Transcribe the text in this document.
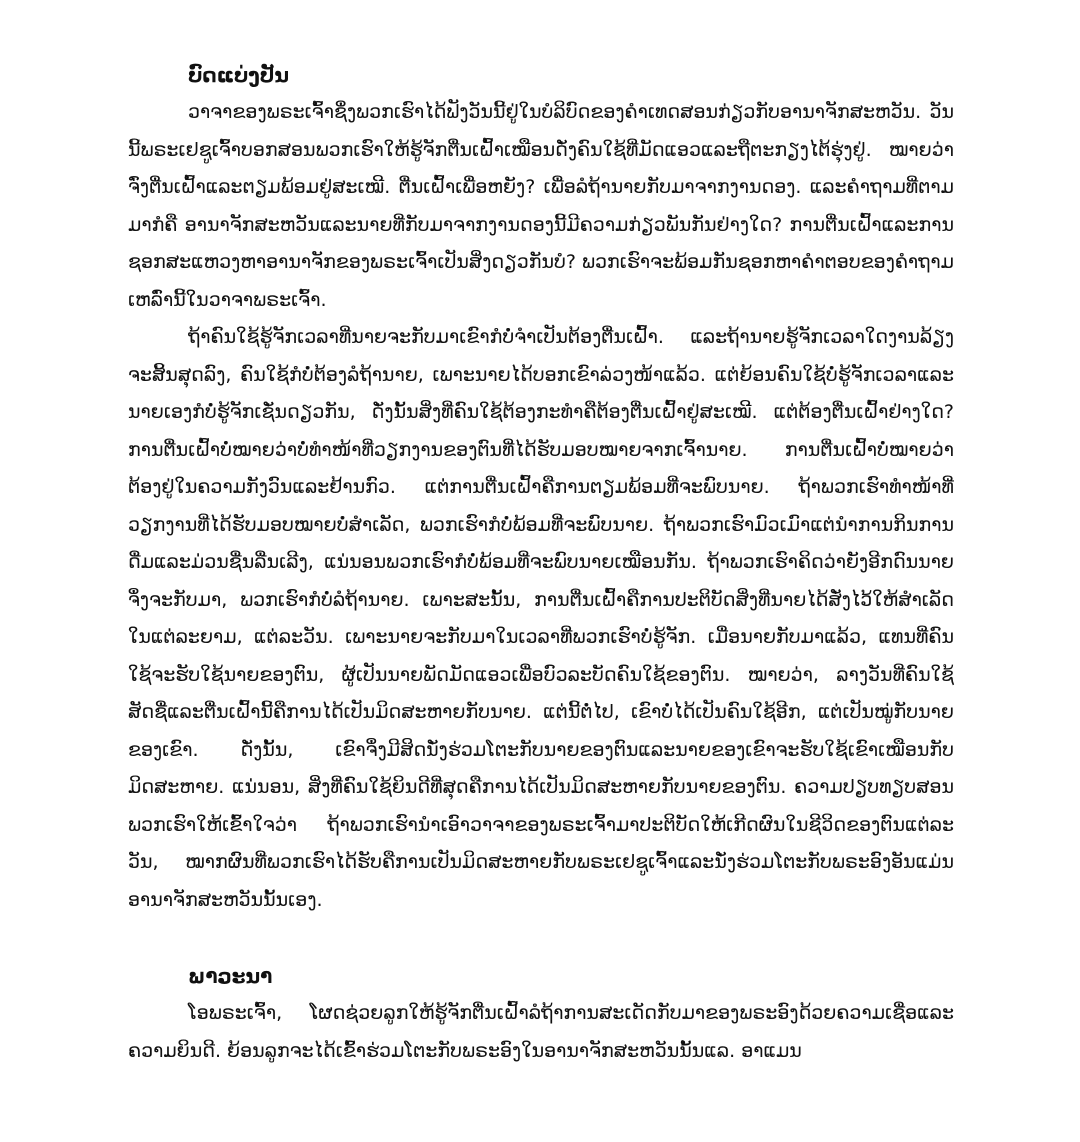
ບົດແບ່ງປັນ

ວາຈາຂອງພຣະເຈົ້າຊຶ່ງພວກເຮົາໄດ້ຟັງວັນນີ້ຢູ່ໃນບໍລິບົດຂອງຄຳເທດສອນກ່ຽວກັບອານາຈັກສະຫວັນ. ວັນນີ້ພຣະເຢຊູເຈົ້າບອກສອນພວກເຮົາໃຫ້ຮູ້ຈັກຕື່ນເຝົ້າເໝືອນດັ່ງຄົນໃຊ້ທີ່ມັດແອວແລະຖືຕະກຽງໄຕ້ຮຸ່ງຢູ່. ໝາຍວ່າຈົ່ງຕື່ນເຝົ້າແລະຕຽມພ້ອມຢູ່ສະເໝີ. ຕື່ນເຝົ້າເພື່ອຫຍັງ? ເພື່ອລໍຖ້ານາຍກັບມາຈາກງານດອງ. ແລະຄຳຖາມທີ່ຕາມມາກໍຄື ອານາຈັກສະຫວັນແລະນາຍທີ່ກັບມາຈາກງານດອງນີ້ມີຄວາມກ່ຽວພັນກັນຢ່າງໃດ? ການຕື່ນເຝົ້າແລະການຊອກສະແຫວງຫາອານາຈັກຂອງພຣະເຈົ້າເປັນສິ່ງດຽວກັນບໍ? ພວກເຮົາຈະພ້ອມກັນຊອກຫາຄຳຕອບຂອງຄຳຖາມເຫລົ່ານີ້ໃນວາຈາພຣະເຈົ້າ.

ຖ້າຄົນໃຊ້ຮູ້ຈັກເວລາທີ່ນາຍຈະກັບມາເຂົາກໍບໍ່ຈຳເປັນຕ້ອງຕື່ນເຝົ້າ. ແລະຖ້ານາຍຮູ້ຈັກເວລາໃດງານລ້ຽງຈະສິ້ນສຸດລົງ, ຄົນໃຊ້ກໍບໍ່ຕ້ອງລໍຖ້ານາຍ, ເພາະນາຍໄດ້ບອກເຂົາລ່ວງໜ້າແລ້ວ. ແຕ່ຍ້ອນຄົນໃຊ້ບໍ່ຮູ້ຈັກເວລາແລະນາຍເອງກໍບໍ່ຮູ້ຈັກເຊັ່ນດຽວກັນ, ດັ່ງນັ້ນສິ່ງທີ່ຄົນໃຊ້ຕ້ອງກະທຳຄືຕ້ອງຕື່ນເຝົ້າຢູ່ສະເໝີ. ແຕ່ຕ້ອງຕື່ນເຝົ້າຢ່າງໃດ? ການຕື່ນເຝົ້າບໍ່ໝາຍວ່າບໍ່ທຳໜ້າທີ່ວຽກງານຂອງຕົນທີ່ໄດ້ຮັບມອບໝາຍຈາກເຈົ້ານາຍ. ການຕື່ນເຝົ້າບໍ່ໝາຍວ່າຕ້ອງຢູ່ໃນຄວາມກັງວົນແລະຢ້ານກົວ. ແຕ່ການຕື່ນເຝົ້າຄືການຕຽມພ້ອມທີ່ຈະພົບນາຍ. ຖ້າພວກເຮົາທຳໜ້າທີ່ວຽກງານທີ່ໄດ້ຮັບມອບໝາຍບໍ່ສຳເລັດ, ພວກເຮົາກໍບໍ່ພ້ອມທີ່ຈະພົບນາຍ. ຖ້າພວກເຮົາມົວເມົາແຕ່ນຳການກິນການດື່ມແລະມ່ວນຊື່ນລື່ນເລີງ, ແນ່ນອນພວກເຮົາກໍບໍ່ພ້ອມທີ່ຈະພົບນາຍເໝືອນກັນ. ຖ້າພວກເຮົາຄິດວ່າຍັງອີກດົນນາຍຈຶ່ງຈະກັບມາ, ພວກເຮົາກໍບໍ່ລໍຖ້ານາຍ. ເພາະສະນັ້ນ, ການຕື່ນເຝົ້າຄືການປະຕິບັດສິ່ງທີ່ນາຍໄດ້ສັ່ງໄວ້ໃຫ້ສຳເລັດໃນແຕ່ລະຍາມ, ແຕ່ລະວັນ. ເພາະນາຍຈະກັບມາໃນເວລາທີ່ພວກເຮົາບໍ່ຮູ້ຈັກ. ເມື່ອນາຍກັບມາແລ້ວ, ແທນທີ່ຄົນໃຊ້ຈະຮັບໃຊ້ນາຍຂອງຕົນ, ຜູ້ເປັນນາຍພັດມັດແອວເພື່ອບົວລະບັດຄົນໃຊ້ຂອງຕົນ. ໝາຍວ່າ, ລາງວັນທີ່ຄົນໃຊ້ສັດຊື່ແລະຕື່ນເຝົ້ານີ້ຄືການໄດ້ເປັນມິດສະຫາຍກັບນາຍ. ແຕ່ນີ້ຕໍ່ໄປ, ເຂົາບໍ່ໄດ້ເປັນຄົນໃຊ້ອີກ, ແຕ່ເປັນໝູ່ກັບນາຍຂອງເຂົາ. ດັ່ງນັ້ນ, ເຂົາຈຶ່ງມີສິດນັ່ງຮ່ວມໂຕະກັບນາຍຂອງຕົນແລະນາຍຂອງເຂົາຈະຮັບໃຊ້ເຂົາເໝືອນກັບມິດສະຫາຍ. ແນ່ນອນ, ສິ່ງທີ່ຄົນໃຊ້ຍິນດີທີ່ສຸດຄືການໄດ້ເປັນມິດສະຫາຍກັບນາຍຂອງຕົນ. ຄວາມປຽບທຽບສອນພວກເຮົາໃຫ້ເຂົ້າໃຈວ່າ ຖ້າພວກເຮົານຳເອົາວາຈາຂອງພຣະເຈົ້າມາປະຕິບັດໃຫ້ເກີດຜົນໃນຊີວິດຂອງຕົນແຕ່ລະວັນ, ໝາກຜົນທີ່ພວກເຮົາໄດ້ຮັບຄືການເປັນມິດສະຫາຍກັບພຣະເຢຊູເຈົ້າແລະນັ່ງຮ່ວມໂຕະກັບພຣະອົງອັນແມ່ນອານາຈັກສະຫວັນນັ້ນເອງ.

ພາວະນາ

ໂອພຣະເຈົ້າ, ໂຜດຊ່ວຍລູກໃຫ້ຮູ້ຈັກຕື່ນເຝົ້າລໍຖ້າການສະເດັດກັບມາຂອງພຣະອົງດ້ວຍຄວາມເຊື່ອແລະຄວາມຍິນດີ. ຍ້ອນລູກຈະໄດ້ເຂົ້າຮ່ວມໂຕະກັບພຣະອົງໃນອານາຈັກສະຫວັນນັ້ນແລ. ອາແມນ
